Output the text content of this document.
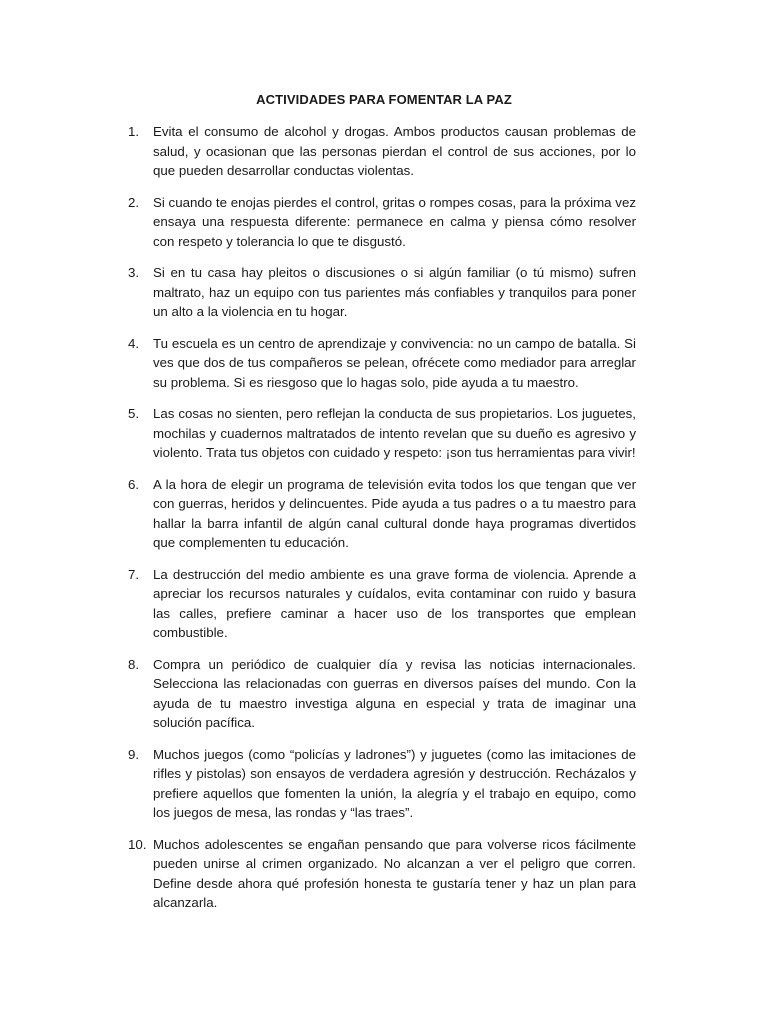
ACTIVIDADES PARA FOMENTAR LA PAZ
1. Evita el consumo de alcohol y drogas. Ambos productos causan problemas de salud, y ocasionan que las personas pierdan el control de sus acciones, por lo que pueden desarrollar conductas violentas.
2. Si cuando te enojas pierdes el control, gritas o rompes cosas, para la próxima vez ensaya una respuesta diferente: permanece en calma y piensa cómo resolver con respeto y tolerancia lo que te disgustó.
3. Si en tu casa hay pleitos o discusiones o si algún familiar (o tú mismo) sufren maltrato, haz un equipo con tus parientes más confiables y tranquilos para poner un alto a la violencia en tu hogar.
4. Tu escuela es un centro de aprendizaje y convivencia: no un campo de batalla. Si ves que dos de tus compañeros se pelean, ofrécete como mediador para arreglar su problema. Si es riesgoso que lo hagas solo, pide ayuda a tu maestro.
5. Las cosas no sienten, pero reflejan la conducta de sus propietarios. Los juguetes, mochilas y cuadernos maltratados de intento revelan que su dueño es agresivo y violento. Trata tus objetos con cuidado y respeto: ¡son tus herramientas para vivir!
6. A la hora de elegir un programa de televisión evita todos los que tengan que ver con guerras, heridos y delincuentes. Pide ayuda a tus padres o a tu maestro para hallar la barra infantil de algún canal cultural donde haya programas divertidos que complementen tu educación.
7. La destrucción del medio ambiente es una grave forma de violencia. Aprende a apreciar los recursos naturales y cuídalos, evita contaminar con ruido y basura las calles, prefiere caminar a hacer uso de los transportes que emplean combustible.
8. Compra un periódico de cualquier día y revisa las noticias internacionales. Selecciona las relacionadas con guerras en diversos países del mundo. Con la ayuda de tu maestro investiga alguna en especial y trata de imaginar una solución pacífica.
9. Muchos juegos (como “policías y ladrones”) y juguetes (como las imitaciones de rifles y pistolas) son ensayos de verdadera agresión y destrucción. Recházalos y prefiere aquellos que fomenten la unión, la alegría y el trabajo en equipo, como los juegos de mesa, las rondas y “las traes”.
10. Muchos adolescentes se engañan pensando que para volverse ricos fácilmente pueden unirse al crimen organizado. No alcanzan a ver el peligro que corren. Define desde ahora qué profesión honesta te gustaría tener y haz un plan para alcanzarla.
